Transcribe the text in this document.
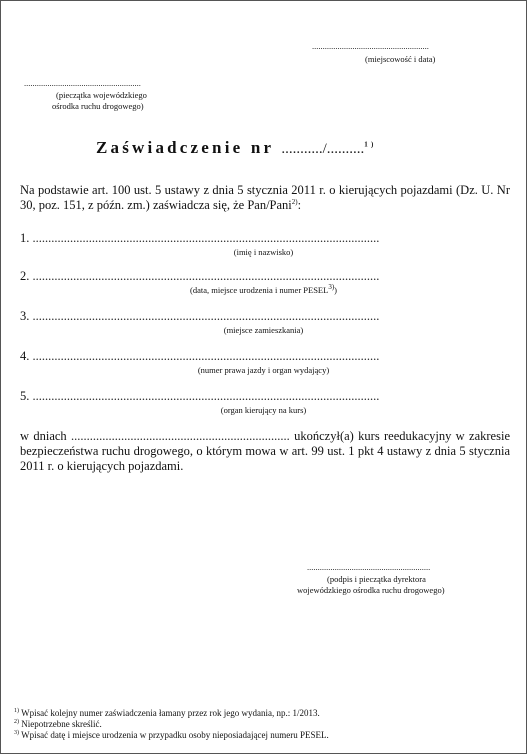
.......................................................
(miejscowość i data)
.......................................................
(pieczątka wojewódzkiego
ośrodka ruchu drogowego)
Zaświadczenie nr .........../..........$^{1)}$
Na podstawie art. 100 ust. 5 ustawy z dnia 5 stycznia 2011 r. o kierujących pojazdami (Dz. U. Nr 30, poz. 151, z późn. zm.) zaświadcza się, że Pan/Pani$^{2)}$:
1. ...............................................................................................................
(imię i nazwisko)
2. ...............................................................................................................
(data, miejsce urodzenia i numer PESEL$^{3)}$)
3. ...............................................................................................................
(miejsce zamieszkania)
4. ...............................................................................................................
(numer prawa jazdy i organ wydający)
5. ...............................................................................................................
(organ kierujący na kurs)
w dniach ...................................................................... ukończył(a) kurs reedukacyjny w zakresie bezpieczeństwa ruchu drogowego, o którym mowa w art. 99 ust. 1 pkt 4 ustawy z dnia 5 stycznia 2011 r. o kierujących pojazdami.
..........................................................
(podpis i pieczątka dyrektora
wojewódzkiego ośrodka ruchu drogowego)
$^{1)}$ Wpisać kolejny numer zaświadczenia łamany przez rok jego wydania, np.: 1/2013.
$^{2)}$ Niepotrzebne skreślić.
$^{3)}$ Wpisać datę i miejsce urodzenia w przypadku osoby nieposiadającej numeru PESEL.
